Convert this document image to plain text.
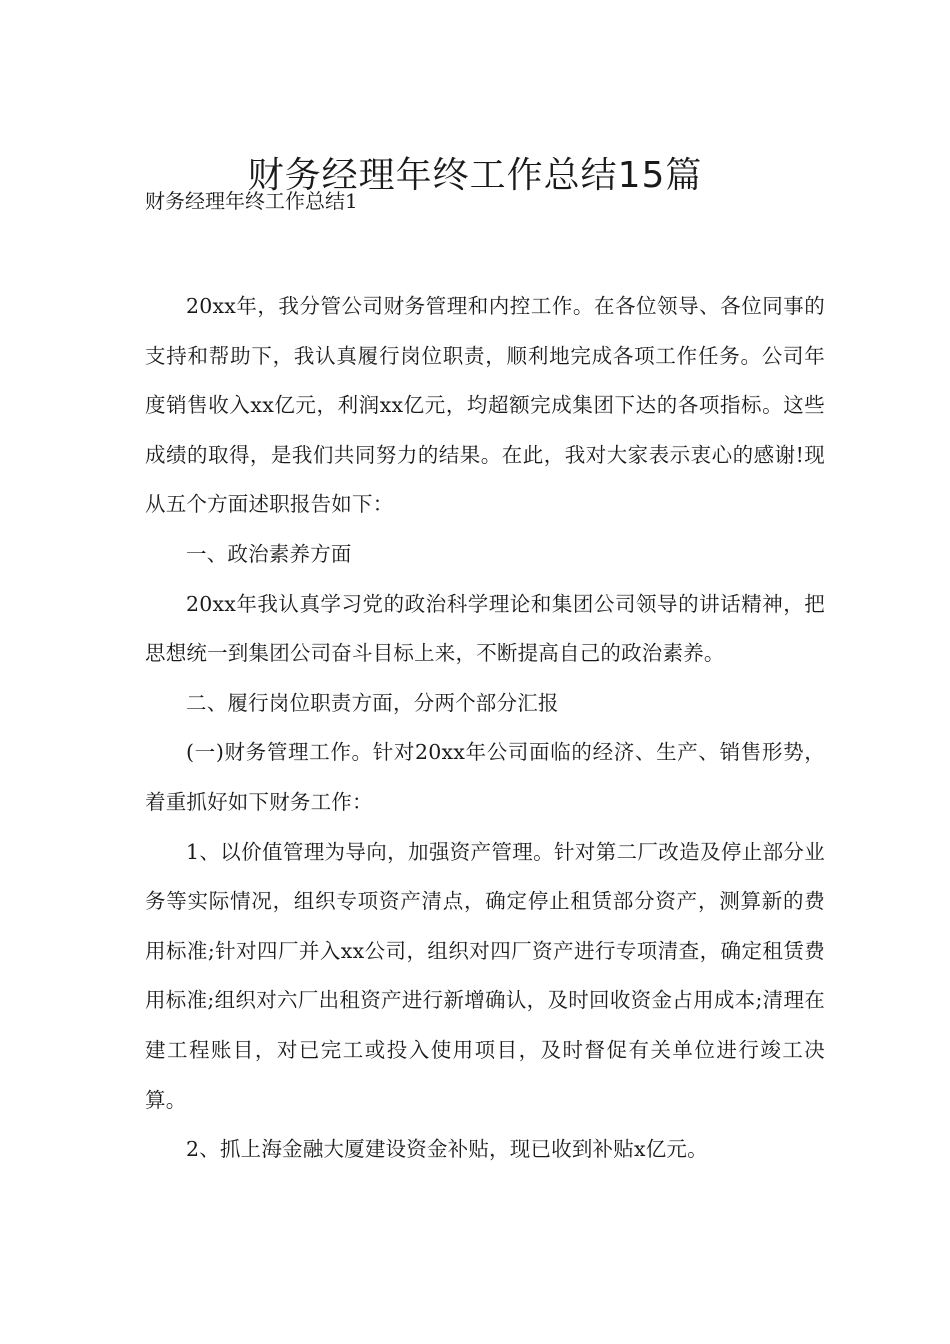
财务经理年终工作总结15篇
财务经理年终工作总结1

20xx年，我分管公司财务管理和内控工作。在各位领导、各位同事的支持和帮助下，我认真履行岗位职责，顺利地完成各项工作任务。公司年度销售收入xx亿元，利润xx亿元，均超额完成集团下达的各项指标。这些成绩的取得，是我们共同努力的结果。在此，我对大家表示衷心的感谢!现从五个方面述职报告如下：

一、政治素养方面

20xx年我认真学习党的政治科学理论和集团公司领导的讲话精神，把思想统一到集团公司奋斗目标上来，不断提高自己的政治素养。

二、履行岗位职责方面，分两个部分汇报

(一)财务管理工作。针对20xx年公司面临的经济、生产、销售形势，着重抓好如下财务工作：

1、以价值管理为导向，加强资产管理。针对第二厂改造及停止部分业务等实际情况，组织专项资产清点，确定停止租赁部分资产，测算新的费用标准;针对四厂并入xx公司，组织对四厂资产进行专项清查，确定租赁费用标准;组织对六厂出租资产进行新增确认，及时回收资金占用成本;清理在建工程账目，对已完工或投入使用项目，及时督促有关单位进行竣工决算。

2、抓上海金融大厦建设资金补贴，现已收到补贴x亿元。
